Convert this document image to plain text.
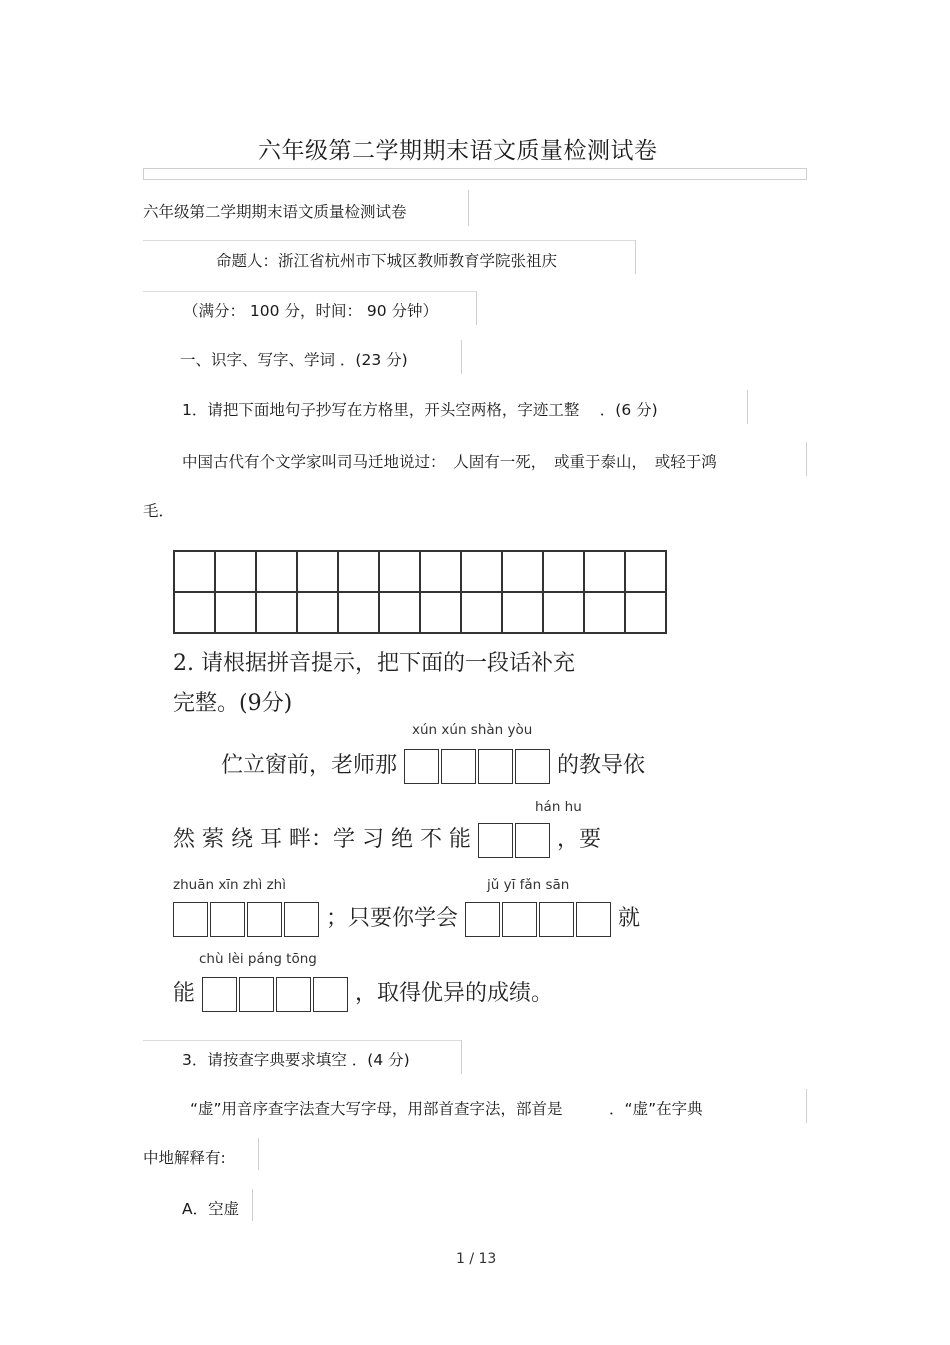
六年级第二学期期末语文质量检测试卷
六年级第二学期期末语文质量检测试卷
命题人：浙江省杭州市下城区教师教育学院张祖庆
（满分： 100 分，时间： 90 分钟）
一、识字、写字、学词 ．(23 分)
1．请把下面地句子抄写在方格里，开头空两格，字迹工整　 ．(6 分)
中国古代有个文学家叫司马迁地说过：　人固有一死，　或重于泰山，　或轻于鸿
毛．

2. 请根据拼音提示，把下面的一段话补充
完整。(9分)
xún xún shàn yòu
伫立窗前，老师那	的教导依
hán hu
然 萦 绕 耳 畔：学 习 绝 不 能	，要
zhuān xīn zhì zhì	jǔ yī fǎn sān
；只要你学会	就
chù lèi páng tōng
能	，取得优异的成绩。
3．请按查字典要求填空 ．(4 分)
“虚”用音序查字法查大写字母，用部首查字法，部首是　　　．“虚”在字典
中地解释有:
A．空虚
1 / 13
